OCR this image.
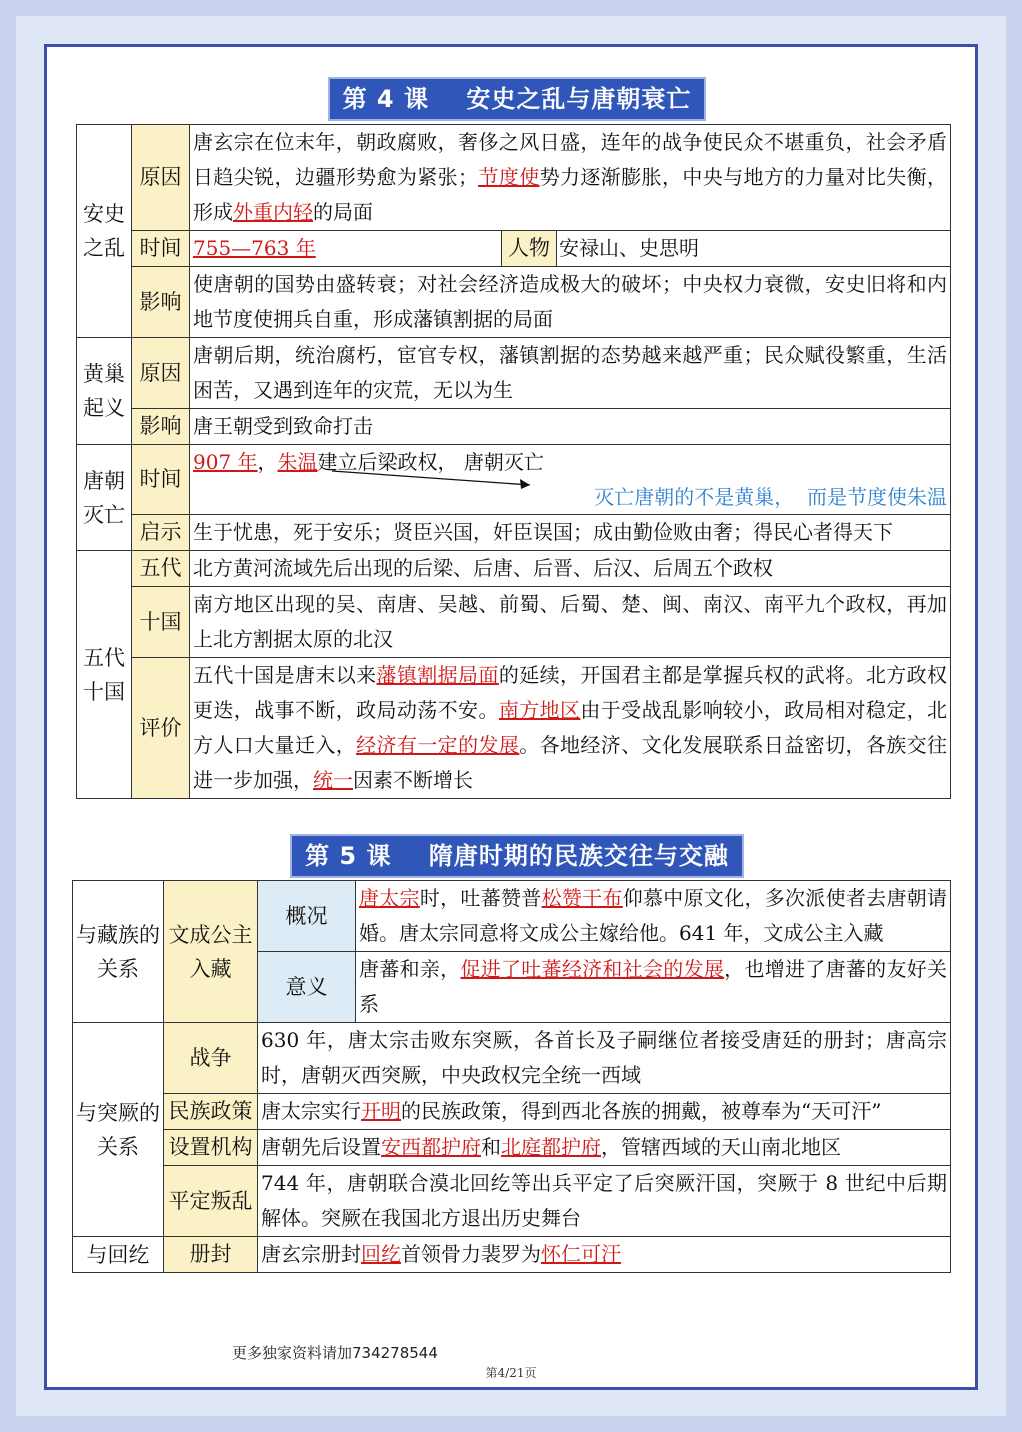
第 4 课    安史之乱与唐朝衰亡
安史之乱	原因	唐玄宗在位末年，朝政腐败，奢侈之风日盛，连年的战争使民众不堪重负，社会矛盾日趋尖锐，边疆形势愈为紧张；节度使势力逐渐膨胀，中央与地方的力量对比失衡，形成外重内轻的局面
	时间	755—763 年 人物 安禄山、史思明

	影响	使唐朝的国势由盛转衰；对社会经济造成极大的破坏；中央权力衰微，安史旧将和内地节度使拥兵自重，形成藩镇割据的局面
黄巢起义	原因	唐朝后期，统治腐朽，宦官专权，藩镇割据的态势越来越严重；民众赋役繁重，生活困苦，又遇到连年的灾荒，无以为生
	影响	唐王朝受到致命打击
唐朝灭亡	时间	907 年，朱温建立后梁政权， 唐朝灭亡
灭亡唐朝的不是黄巢，  而是节度使朱温

	启示	生于忧患，死于安乐；贤臣兴国，奸臣误国；成由勤俭败由奢；得民心者得天下
五代十国	五代	北方黄河流域先后出现的后梁、后唐、后晋、后汉、后周五个政权
	十国	南方地区出现的吴、南唐、吴越、前蜀、后蜀、楚、闽、南汉、南平九个政权，再加上北方割据太原的北汉
	评价	五代十国是唐末以来藩镇割据局面的延续，开国君主都是掌握兵权的武将。北方政权更迭，战事不断，政局动荡不安。南方地区由于受战乱影响较小，政局相对稳定，北方人口大量迁入，经济有一定的发展。各地经济、文化发展联系日益密切，各族交往进一步加强，统一因素不断增长
第 5 课    隋唐时期的民族交往与交融
与藏族的关系	文成公主入藏	概况	唐太宗时，吐蕃赞普松赞干布仰慕中原文化，多次派使者去唐朝请婚。唐太宗同意将文成公主嫁给他。641 年，文成公主入藏
		意义	唐蕃和亲，促进了吐蕃经济和社会的发展，也增进了唐蕃的友好关系
与突厥的关系	战争	630 年，唐太宗击败东突厥，各首长及子嗣继位者接受唐廷的册封；唐高宗时，唐朝灭西突厥，中央政权完全统一西域	
	民族政策	唐太宗实行开明的民族政策，得到西北各族的拥戴，被尊奉为“天可汗”	
	设置机构	唐朝先后设置安西都护府和北庭都护府，管辖西域的天山南北地区	
	平定叛乱	744 年，唐朝联合漠北回纥等出兵平定了后突厥汗国，突厥于 8 世纪中后期解体。突厥在我国北方退出历史舞台	
与回纥	册封	唐玄宗册封回纥首领骨力裴罗为怀仁可汗	
更多独家资料请加734278544
第4/21页
